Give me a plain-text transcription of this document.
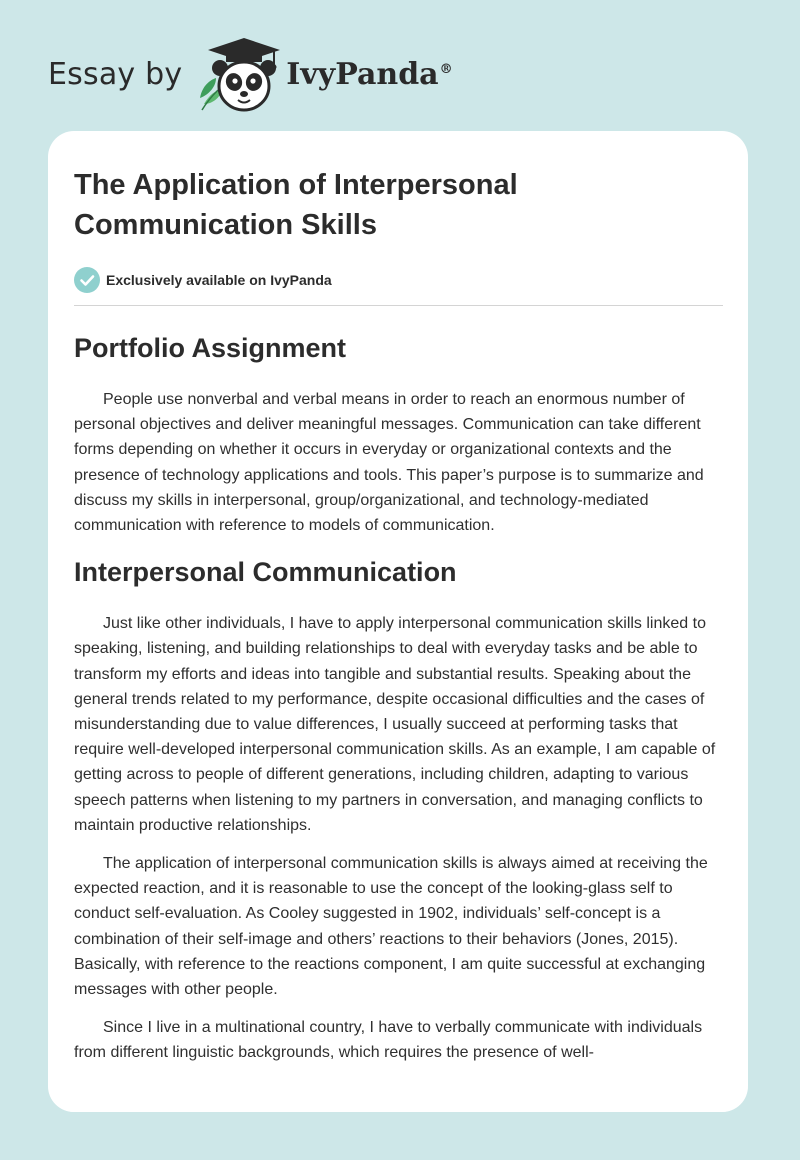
Essay by	IvyPanda®
The Application of Interpersonal Communication Skills
Exclusively available on IvyPanda
Portfolio Assignment

People use nonverbal and verbal means in order to reach an enormous number of personal objectives and deliver meaningful messages. Communication can take different forms depending on whether it occurs in everyday or organizational contexts and the presence of technology applications and tools. This paper’s purpose is to summarize and discuss my skills in interpersonal, group/organizational, and technology-mediated communication with reference to models of communication.

Interpersonal Communication

Just like other individuals, I have to apply interpersonal communication skills linked to speaking, listening, and building relationships to deal with everyday tasks and be able to transform my efforts and ideas into tangible and substantial results. Speaking about the general trends related to my performance, despite occasional difficulties and the cases of misunderstanding due to value differences, I usually succeed at performing tasks that require well-developed interpersonal communication skills. As an example, I am capable of getting across to people of different generations, including children, adapting to various speech patterns when listening to my partners in conversation, and managing conflicts to maintain productive relationships.

The application of interpersonal communication skills is always aimed at receiving the expected reaction, and it is reasonable to use the concept of the looking-glass self to conduct self-evaluation. As Cooley suggested in 1902, individuals’ self-concept is a combination of their self-image and others’ reactions to their behaviors (Jones, 2015). Basically, with reference to the reactions component, I am quite successful at exchanging messages with other people.

Since I live in a multinational country, I have to verbally communicate with individuals from different linguistic backgrounds, which requires the presence of well-
